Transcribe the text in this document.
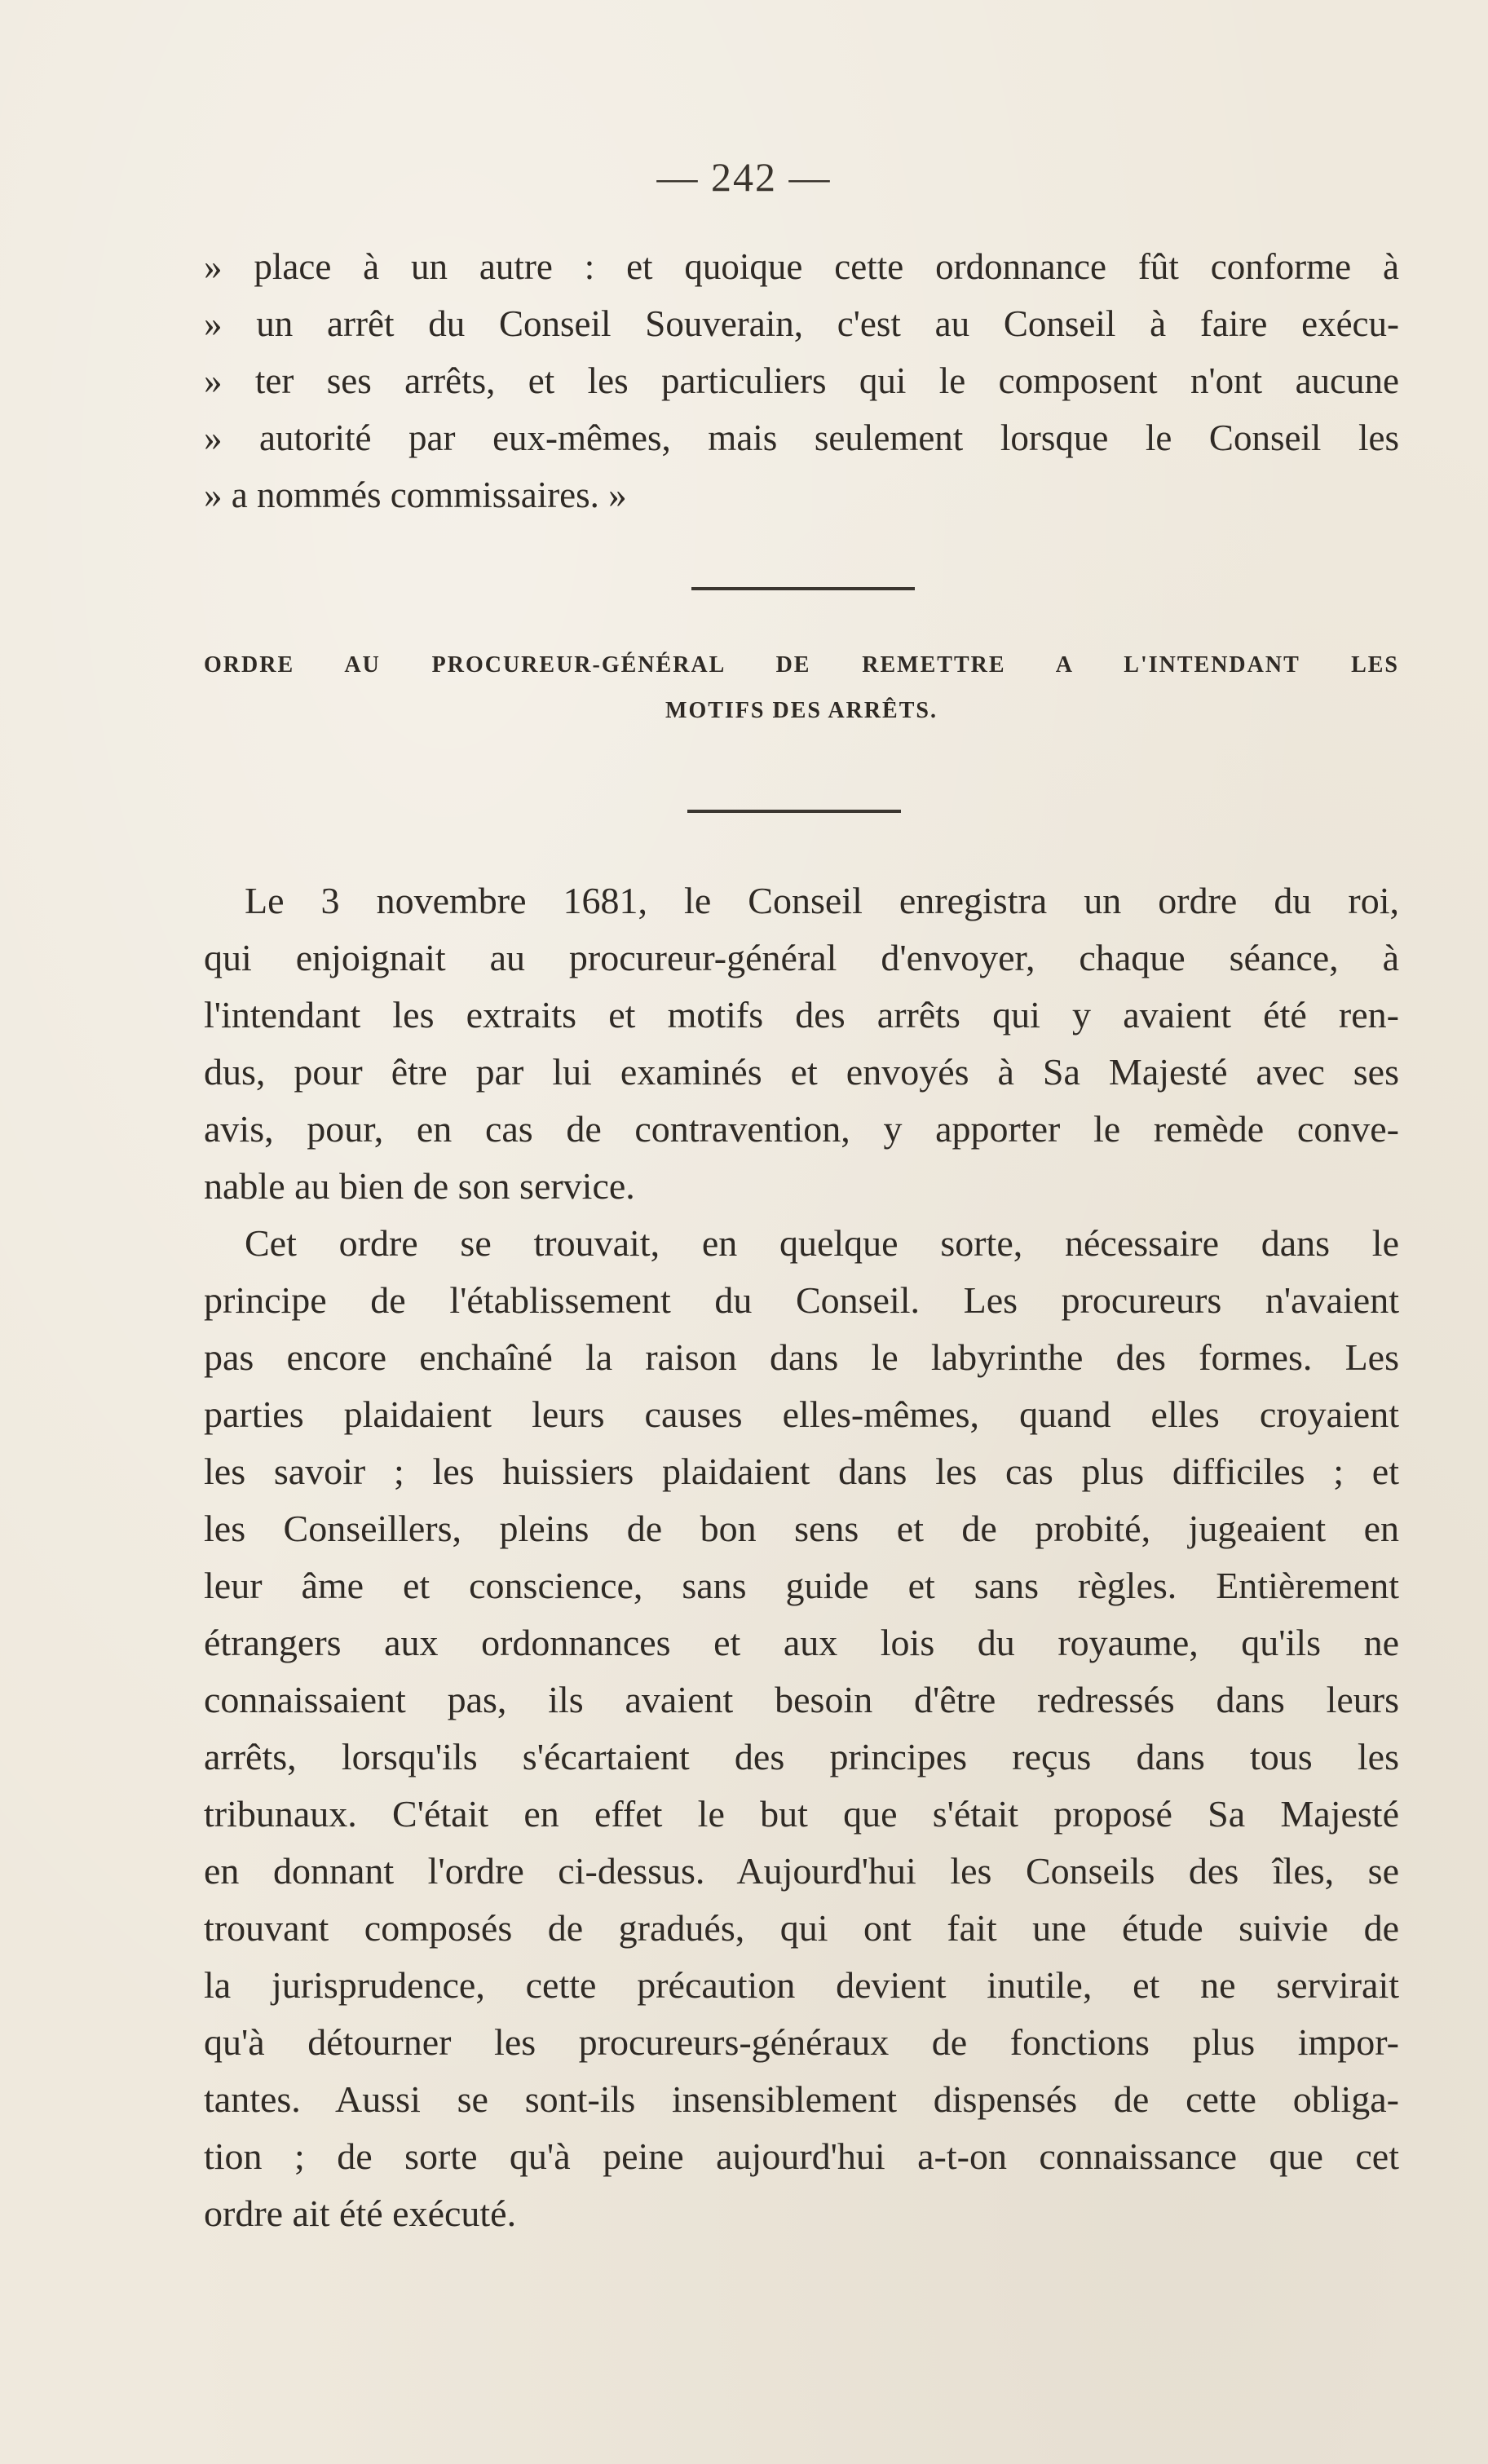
— 242 —
» place à un autre : et quoique cette ordonnance fût conforme à
» un arrêt du Conseil Souverain, c'est au Conseil à faire exécu-
» ter ses arrêts, et les particuliers qui le composent n'ont aucune
» autorité par eux-mêmes, mais seulement lorsque le Conseil les
» a nommés commissaires. »
ORDRE AU PROCUREUR-GÉNÉRAL DE REMETTRE A L'INTENDANT LES
MOTIFS DES ARRÊTS.
Le 3 novembre 1681, le Conseil enregistra un ordre du roi,
qui enjoignait au procureur-général d'envoyer, chaque séance, à
l'intendant les extraits et motifs des arrêts qui y avaient été ren-
dus, pour être par lui examinés et envoyés à Sa Majesté avec ses
avis, pour, en cas de contravention, y apporter le remède conve-
nable au bien de son service.
Cet ordre se trouvait, en quelque sorte, nécessaire dans le
principe de l'établissement du Conseil. Les procureurs n'avaient
pas encore enchaîné la raison dans le labyrinthe des formes. Les
parties plaidaient leurs causes elles-mêmes, quand elles croyaient
les savoir ; les huissiers plaidaient dans les cas plus difficiles ; et
les Conseillers, pleins de bon sens et de probité, jugeaient en
leur âme et conscience, sans guide et sans règles. Entièrement
étrangers aux ordonnances et aux lois du royaume, qu'ils ne
connaissaient pas, ils avaient besoin d'être redressés dans leurs
arrêts, lorsqu'ils s'écartaient des principes reçus dans tous les
tribunaux. C'était en effet le but que s'était proposé Sa Majesté
en donnant l'ordre ci-dessus. Aujourd'hui les Conseils des îles, se
trouvant composés de gradués, qui ont fait une étude suivie de
la jurisprudence, cette précaution devient inutile, et ne servirait
qu'à détourner les procureurs-généraux de fonctions plus impor-
tantes. Aussi se sont-ils insensiblement dispensés de cette obliga-
tion ; de sorte qu'à peine aujourd'hui a-t-on connaissance que cet
ordre ait été exécuté.
